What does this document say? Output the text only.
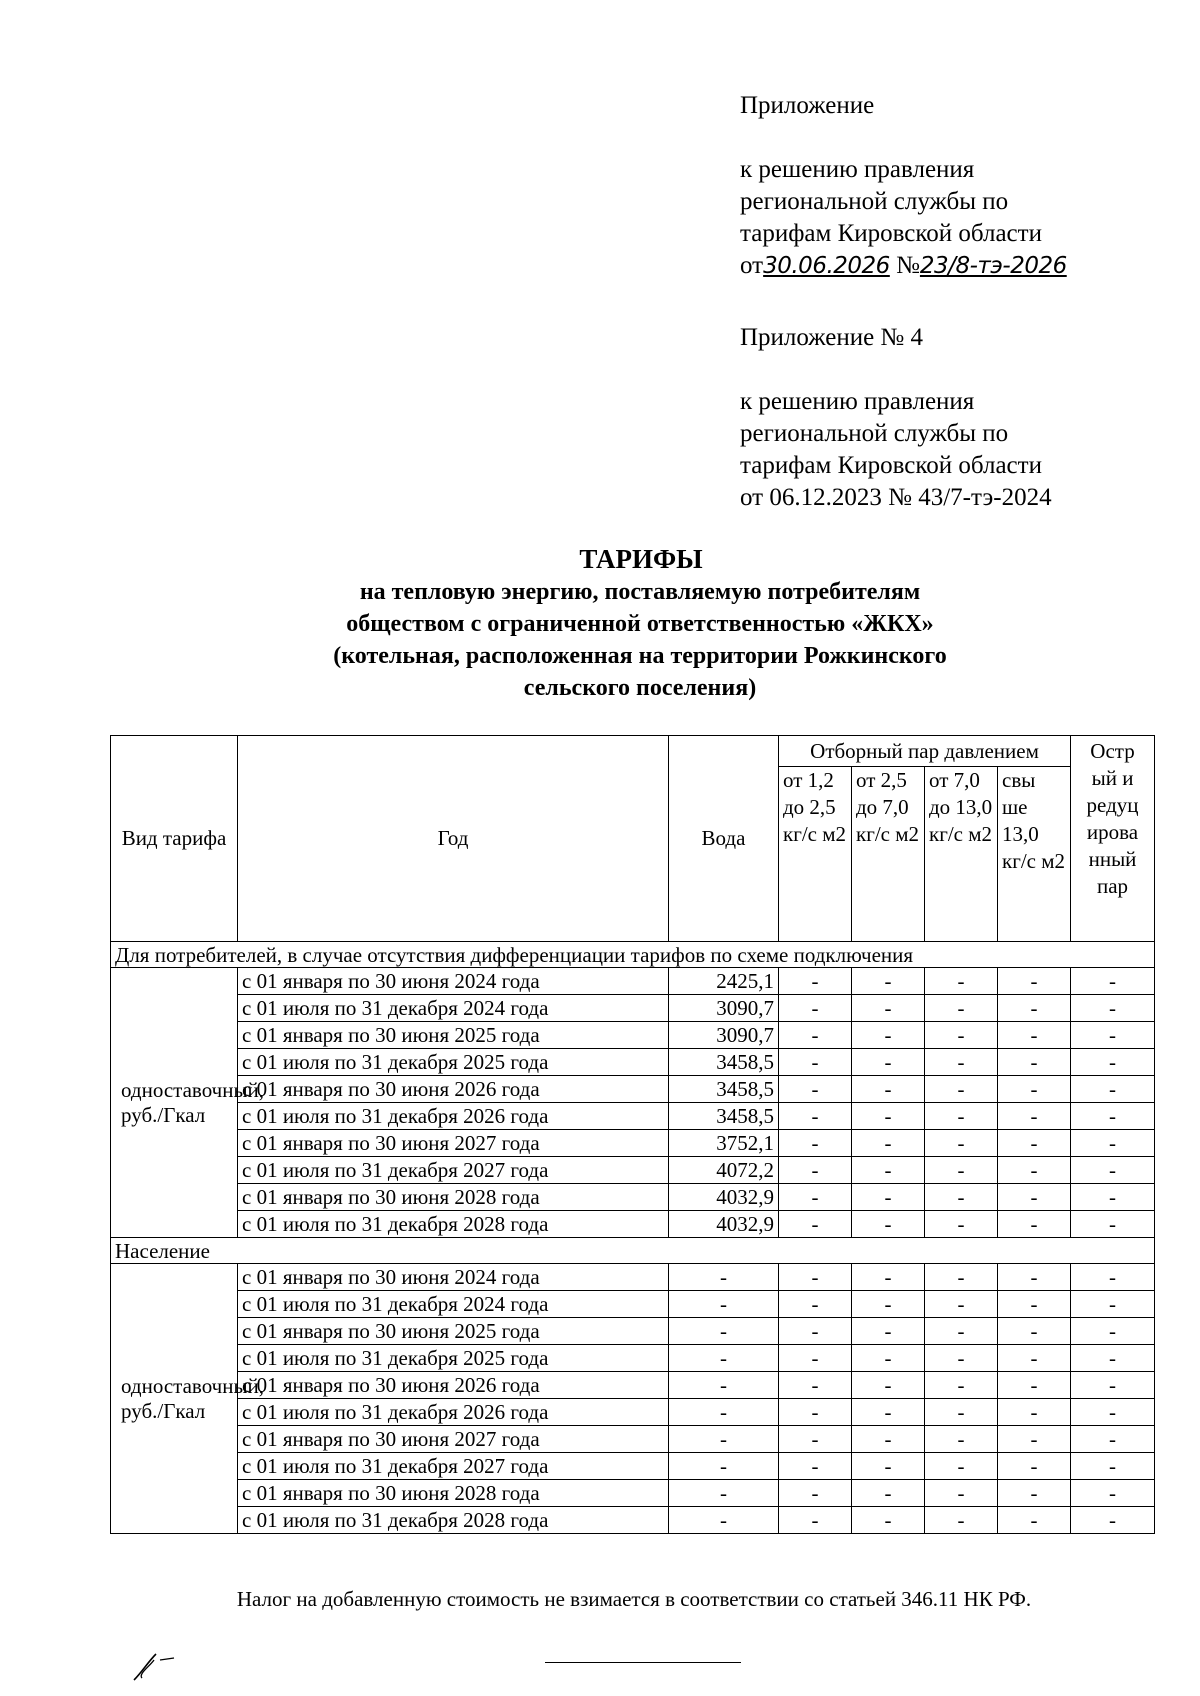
Приложение
к решению правления
региональной службы по
тарифам Кировской области
от30.06.2026 №23/8-тэ-2026
Приложение № 4
к решению правления
региональной службы по
тарифам Кировской области
от 06.12.2023 № 43/7-тэ-2024
ТАРИФЫ
на тепловую энергию, поставляемую потребителям
обществом с ограниченной ответственностью «ЖКХ»
(котельная, расположенная на территории Рожкинского
сельского поселения)
Вид тарифа	Год	Вода	Отборный пар давлением				Остр ый и редуц ирова нный пар
			от 1,2 до 2,5 кг/с м2	от 2,5 до 7,0 кг/с м2	от 7,0 до 13,0 кг/с м2	свы ше 13,0 кг/с м2	
Для потребителей, в случае отсутствия дифференциации тарифов по схеме подключения							
одноставочный, руб./Гкал	с 01 января по 30 июня 2024 года	2425,1	-	-	-	-	-
	с 01 июля по 31 декабря 2024 года	3090,7	-	-	-	-	-
	с 01 января по 30 июня 2025 года	3090,7	-	-	-	-	-
	с 01 июля по 31 декабря 2025 года	3458,5	-	-	-	-	-
	с 01 января по 30 июня 2026 года	3458,5	-	-	-	-	-
	с 01 июля по 31 декабря 2026 года	3458,5	-	-	-	-	-
	с 01 января по 30 июня 2027 года	3752,1	-	-	-	-	-
	с 01 июля по 31 декабря 2027 года	4072,2	-	-	-	-	-
	с 01 января по 30 июня 2028 года	4032,9	-	-	-	-	-
	с 01 июля по 31 декабря 2028 года	4032,9	-	-	-	-	-
Население							
одноставочный, руб./Гкал	с 01 января по 30 июня 2024 года	-	-	-	-	-	-
	с 01 июля по 31 декабря 2024 года	-	-	-	-	-	-
	с 01 января по 30 июня 2025 года	-	-	-	-	-	-
	с 01 июля по 31 декабря 2025 года	-	-	-	-	-	-
	с 01 января по 30 июня 2026 года	-	-	-	-	-	-
	с 01 июля по 31 декабря 2026 года	-	-	-	-	-	-
	с 01 января по 30 июня 2027 года	-	-	-	-	-	-
	с 01 июля по 31 декабря 2027 года	-	-	-	-	-	-
	с 01 января по 30 июня 2028 года	-	-	-	-	-	-
	с 01 июля по 31 декабря 2028 года	-	-	-	-	-	-
Налог на добавленную стоимость не взимается в соответствии со статьей 346.11 НК РФ.
